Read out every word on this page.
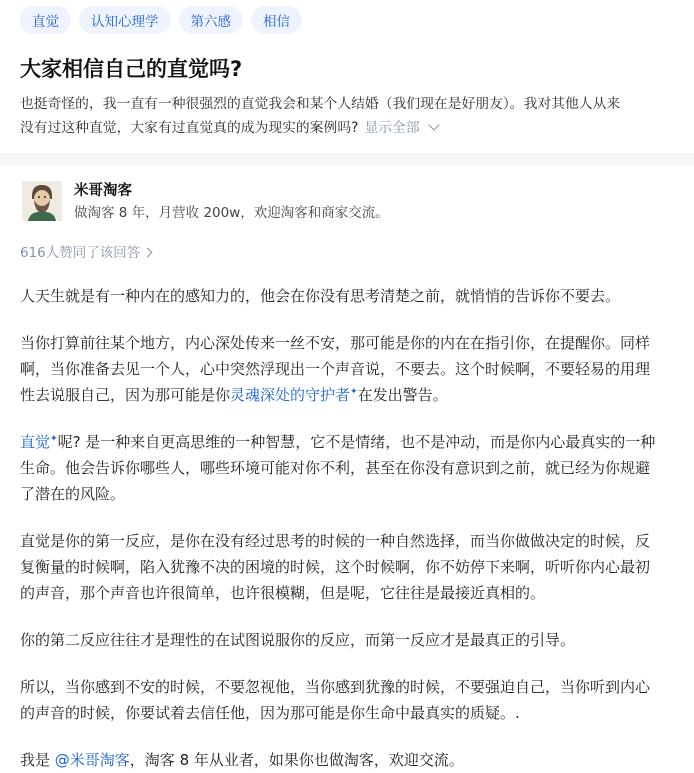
直觉	认知心理学	第六感	相信
大家相信自己的直觉吗?
也挺奇怪的，我一直有一种很强烈的直觉我会和某个人结婚（我们现在是好朋友）。我对其他人从来
没有过这种直觉，大家有过直觉真的成为现实的案例吗? 显示全部
米哥淘客
做淘客 8 年，月营收 200w，欢迎淘客和商家交流。
616人赞同了该回答

人天生就是有一种内在的感知力的，他会在你没有思考清楚之前，就悄悄的告诉你不要去。

当你打算前往某个地方，内心深处传来一丝不安，那可能是你的内在在指引你，在提醒你。同样
啊，当你准备去见一个人，心中突然浮现出一个声音说，不要去。这个时候啊，不要轻易的用理
性去说服自己，因为那可能是你灵魂深处的守护者✦在发出警告。

直觉✦呢? 是一种来自更高思维的一种智慧，它不是情绪，也不是冲动，而是你内心最真实的一种
生命。他会告诉你哪些人，哪些环境可能对你不利，甚至在你没有意识到之前，就已经为你规避
了潜在的风险。

直觉是你的第一反应，是你在没有经过思考的时候的一种自然选择，而当你做做决定的时候，反
复衡量的时候啊，陷入犹豫不决的困境的时候，这个时候啊，你不妨停下来啊，听听你内心最初
的声音，那个声音也许很简单，也许很模糊，但是呢，它往往是最接近真相的。

你的第二反应往往才是理性的在试图说服你的反应，而第一反应才是最真正的引导。

所以，当你感到不安的时候，不要忽视他，当你感到犹豫的时候，不要强迫自己，当你听到内心
的声音的时候，你要试着去信任他，因为那可能是你生命中最真实的质疑。.

我是 @米哥淘客，淘客 8 年从业者，如果你也做淘客，欢迎交流。
